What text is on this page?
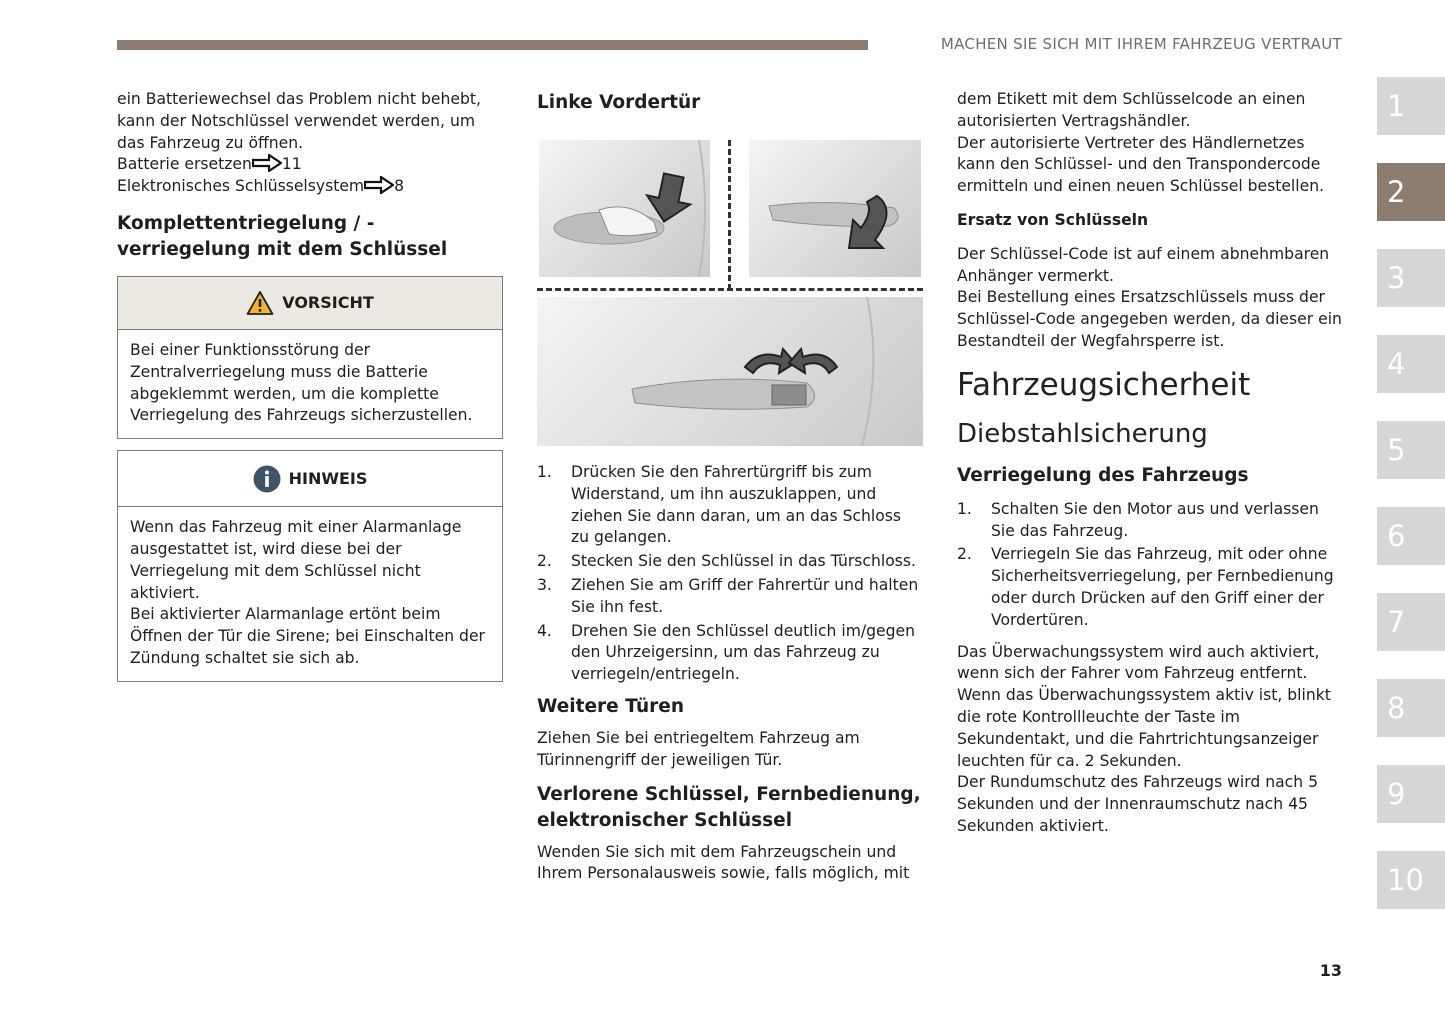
MACHEN SIE SICH MIT IHREM FAHRZEUG VERTRAUT

ein Batteriewechsel das Problem nicht behebt, kann der Notschlüssel verwendet werden, um das Fahrzeug zu öffnen.

Batterie ersetzen 11

Elektronisches Schlüsselsystem 8

Komplettentriegelung / -verriegelung mit dem Schlüssel

VORSICHT
Bei einer Funktionsstörung der Zentralverriegelung muss die Batterie abgeklemmt werden, um die komplette Verriegelung des Fahrzeugs sicherzustellen.
HINWEIS

Wenn das Fahrzeug mit einer Alarmanlage ausgestattet ist, wird diese bei der Verriegelung mit dem Schlüssel nicht aktiviert.

Bei aktivierter Alarmanlage ertönt beim Öffnen der Tür die Sirene; bei Einschalten der Zündung schaltet sie sich ab.

Linke Vordertür

1. Drücken Sie den Fahrertürgriff bis zum Widerstand, um ihn auszuklappen, und ziehen Sie dann daran, um an das Schloss zu gelangen.
2. Stecken Sie den Schlüssel in das Türschloss.
3. Ziehen Sie am Griff der Fahrertür und halten Sie ihn fest.
4. Drehen Sie den Schlüssel deutlich im/gegen den Uhrzeigersinn, um das Fahrzeug zu verriegeln/entriegeln.

Weitere Türen

Ziehen Sie bei entriegeltem Fahrzeug am Türinnengriff der jeweiligen Tür.

Verlorene Schlüssel, Fernbedienung, elektronischer Schlüssel

Wenden Sie sich mit dem Fahrzeugschein und Ihrem Personalausweis sowie, falls möglich, mit

dem Etikett mit dem Schlüsselcode an einen autorisierten Vertragshändler.

Der autorisierte Vertreter des Händlernetzes kann den Schlüssel- und den Transpondercode ermitteln und einen neuen Schlüssel bestellen.

Ersatz von Schlüsseln

Der Schlüssel-Code ist auf einem abnehmbaren Anhänger vermerkt.

Bei Bestellung eines Ersatzschlüssels muss der Schlüssel-Code angegeben werden, da dieser ein Bestandteil der Wegfahrsperre ist.

Fahrzeugsicherheit

Diebstahlsicherung

Verriegelung des Fahrzeugs

1. Schalten Sie den Motor aus und verlassen Sie das Fahrzeug.
2. Verriegeln Sie das Fahrzeug, mit oder ohne Sicherheitsverriegelung, per Fernbedienung oder durch Drücken auf den Griff einer der Vordertüren.

Das Überwachungssystem wird auch aktiviert, wenn sich der Fahrer vom Fahrzeug entfernt.

Wenn das Überwachungssystem aktiv ist, blinkt die rote Kontrollleuchte der Taste im Sekundentakt, und die Fahrtrichtungsanzeiger leuchten für ca. 2 Sekunden.

Der Rundumschutz des Fahrzeugs wird nach 5 Sekunden und der Innenraumschutz nach 45 Sekunden aktiviert.

1
2
3
4
5
6
7
8
9
10
13
